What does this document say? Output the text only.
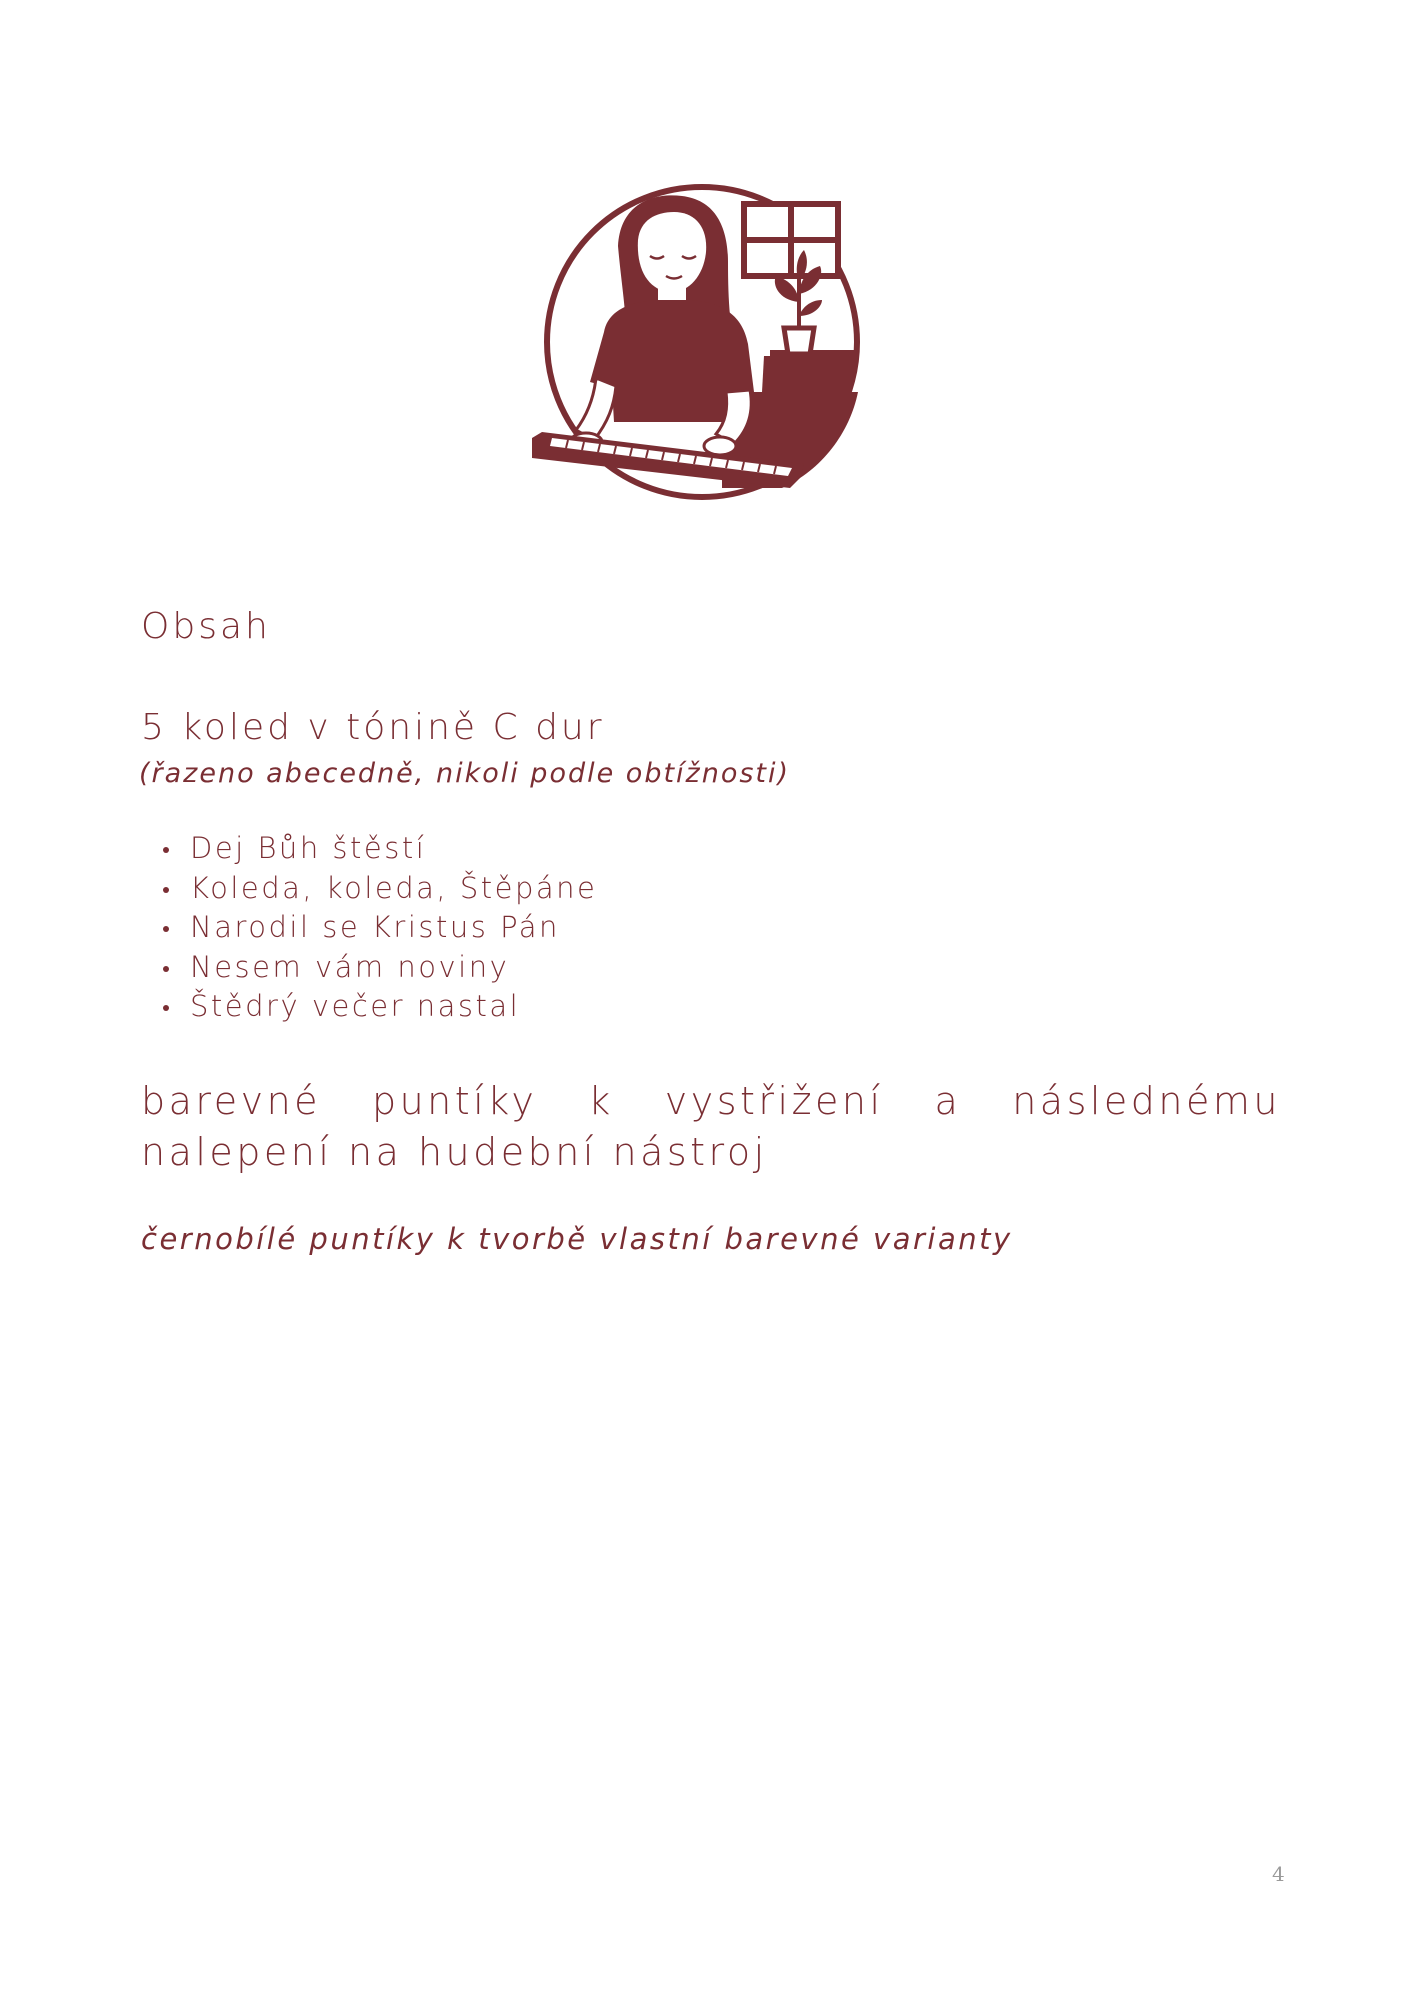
Obsah
5 koled v tónině C dur

(řazeno abecedně, nikoli podle obtížnosti)

Dej Bůh štěstí
Koleda, koleda, Štěpáne
Narodil se Kristus Pán
Nesem vám noviny
Štědrý večer nastal

barevné puntíky k vystřižení a následnému nalepení na hudební nástroj

černobílé puntíky k tvorbě vlastní barevné varianty

4
